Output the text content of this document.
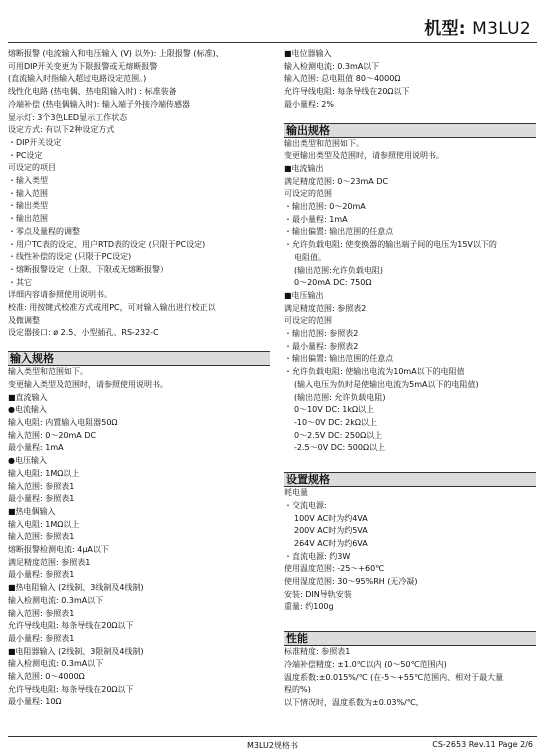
机型: M3LU2
熔断报警 (电流输入和电压输入 (V) 以外): 上限报警 (标准)、
可用DIP开关变更为下限报警或无熔断报警
(直流输入时指输入超过电路设定范围。)
线性化电路 (热电偶、热电阻输入时) : 标准装备
冷端补偿 (热电偶输入时): 输入端子外接冷端传感器
显示灯: 3个3色LED显示工作状态
设定方式: 有以下2种设定方式
・DIP开关设定
・PC设定
可设定的项目
・输入类型
・输入范围
・输出类型
・输出范围
・零点及量程的调整
・用户TC表的设定、用户RTD表的设定 (只限于PC设定)
・线性补偿的设定 (只限于PC设定)
・熔断报警设定（上限、下限或无熔断报警）
・其它
详细内容请参照使用说明书。
校准: 用按键式校准方式或用PC，可对输入输出进行校正以
及微调整
设定器接口: ø 2.5、小型插孔、RS-232-C
输入规格
输入类型和范围如下。
变更输入类型及范围时，请参照使用说明书。
■直流输入
●电流输入
输入电阻: 内置输入电阻器50Ω
输入范围: 0～20mA DC
最小量程: 1mA
●电压输入
输入电阻: 1MΩ以上
输入范围: 参照表1
最小量程: 参照表1
■热电偶输入
输入电阻: 1MΩ以上
输入范围: 参照表1
熔断报警检测电流: 4μA以下
满足精度范围: 参照表1
最小量程: 参照表1
■热电阻输入 (2线制、3线制及4线制)
输入检测电流: 0.3mA以下
输入范围: 参照表1
允许导线电阻: 每条导线在20Ω以下
最小量程: 参照表1
■电阻器输入 (2线制、3限制及4线制)
输入检测电流: 0.3mA以下
输入范围: 0～4000Ω
允许导线电阻: 每条导线在20Ω以下
最小量程: 10Ω
■电位器输入
输入检测电流: 0.3mA以下
输入范围: 总电阻值 80～4000Ω
允许导线电阻: 每条导线在20Ω以下
最小量程: 2%
输出规格
输出类型和范围如下。
变更输出类型及范围时，请参照使用说明书。
■电流输出
满足精度范围: 0～23mA DC
可设定的范围
・输出范围: 0～20mA
・最小量程: 1mA
・输出偏置: 输出范围的任意点
・允许负载电阻: 使变换器的输出端子间的电压为15V以下的
电阻值。
(输出范围:允许负载电阻)
0～20mA DC: 750Ω
■电压输出
满足精度范围: 参照表2
可设定的范围
・输出范围: 参照表2
・最小量程: 参照表2
・输出偏置: 输出范围的任意点
・允许负载电阻: 使输出电流为10mA以下的电阻值
(输入电压为负时是使输出电流为5mA以下的电阻值)
(输出范围: 允许负载电阻)
0～10V DC: 1kΩ以上
-10～0V DC: 2kΩ以上
0～2.5V DC: 250Ω以上
-2.5～0V DC: 500Ω以上
设置规格
耗电量
・交流电源:
100V AC时为约4VA
200V AC时为约5VA
264V AC时为约6VA
・直流电源: 约3W
使用温度范围: -25～+60℃
使用湿度范围: 30～95%RH (无冷凝)
安装: DIN导轨安装
重量: 约100g
性能
标准精度: 参照表1
冷端补偿精度: ±1.0℃以内 (0～50℃范围内)
温度系数:±0.015%/℃ (在-5～+55℃范围内、相对于最大量
程的%)
以下情况时，温度系数为±0.03%/℃,
M3LU2规格书	CS-2653 Rev.11 Page 2/6
